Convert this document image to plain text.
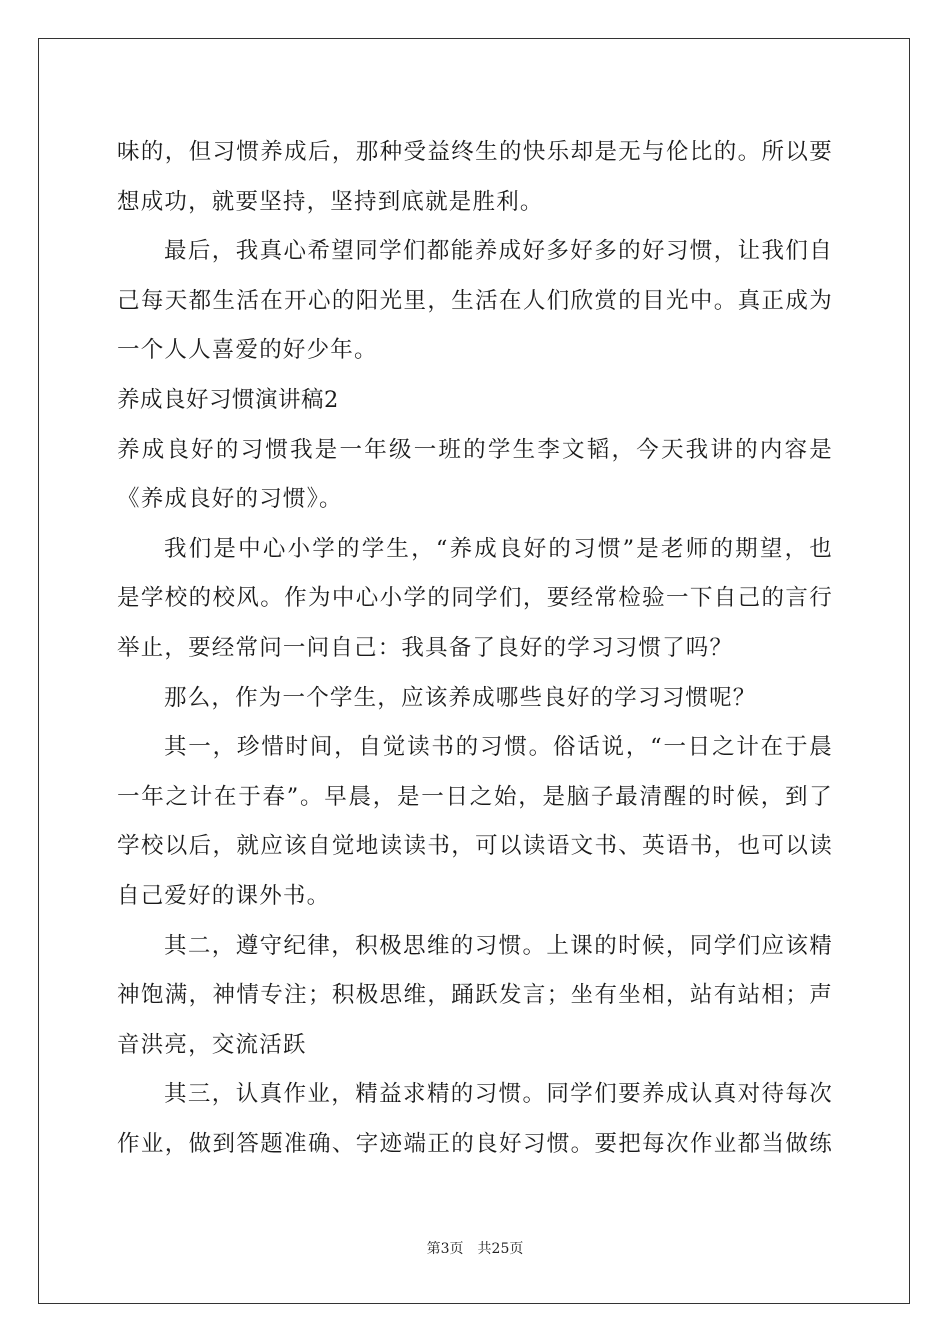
味的，但习惯养成后，那种受益终生的快乐却是无与伦比的。所以要
想成功，就要坚持，坚持到底就是胜利。
最后，我真心希望同学们都能养成好多好多的好习惯，让我们自
己每天都生活在开心的阳光里，生活在人们欣赏的目光中。真正成为
一个人人喜爱的好少年。
养成良好习惯演讲稿2
养成良好的习惯我是一年级一班的学生李文韬，今天我讲的内容是
《养成良好的习惯》。
我们是中心小学的学生，“养成良好的习惯”是老师的期望，也
是学校的校风。作为中心小学的同学们，要经常检验一下自己的言行
举止，要经常问一问自己：我具备了良好的学习习惯了吗？
那么，作为一个学生，应该养成哪些良好的学习习惯呢？
其一，珍惜时间，自觉读书的习惯。俗话说，“一日之计在于晨
一年之计在于春”。早晨，是一日之始，是脑子最清醒的时候，到了
学校以后，就应该自觉地读读书，可以读语文书、英语书，也可以读
自己爱好的课外书。
其二，遵守纪律，积极思维的习惯。上课的时候，同学们应该精
神饱满，神情专注；积极思维，踊跃发言；坐有坐相，站有站相；声
音洪亮，交流活跃
其三，认真作业，精益求精的习惯。同学们要养成认真对待每次
作业，做到答题准确、字迹端正的良好习惯。要把每次作业都当做练
第3页 共25页
